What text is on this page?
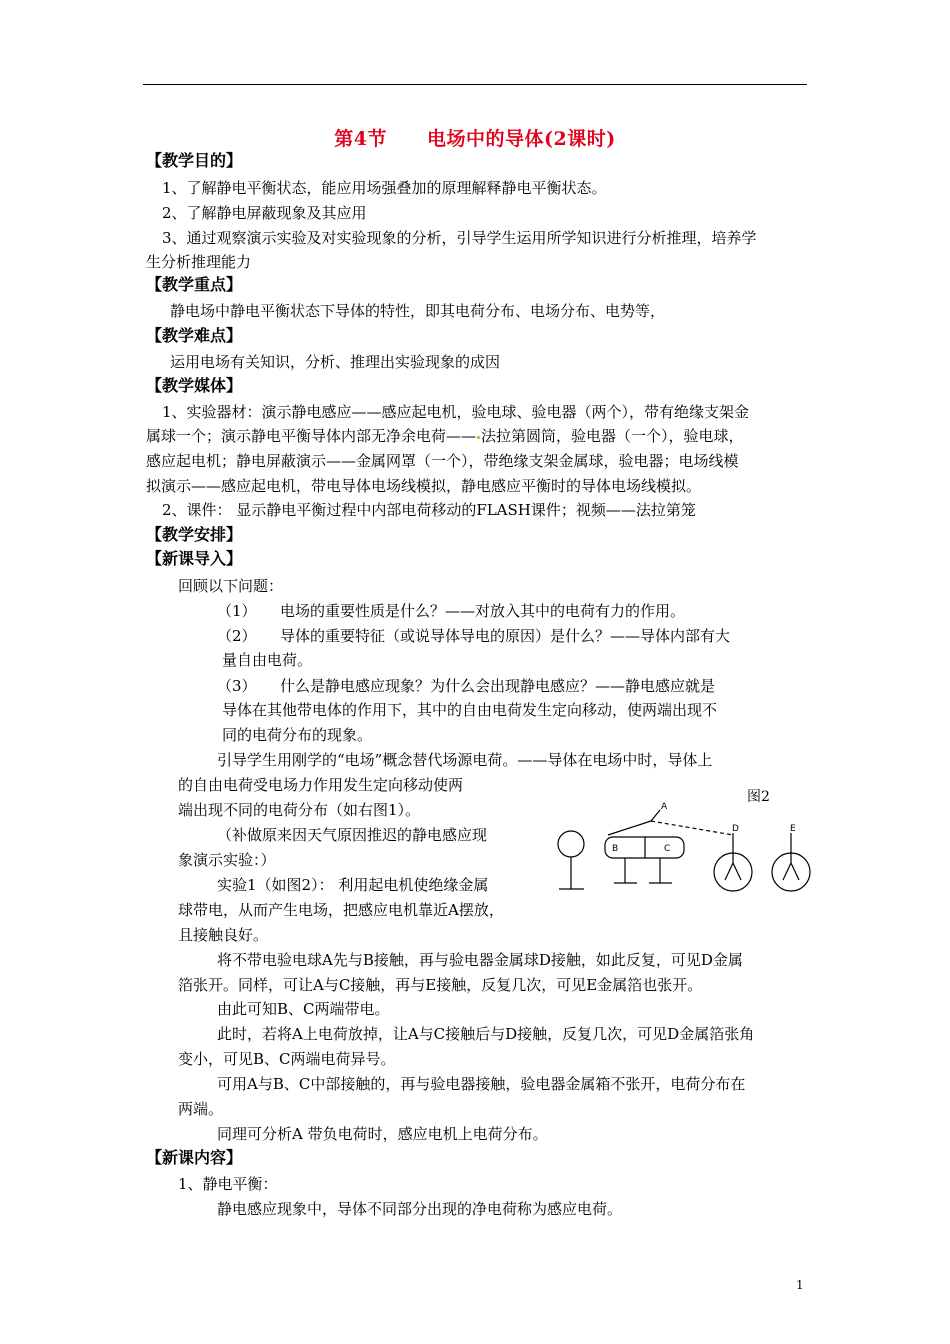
第4节 电场中的导体(2课时)
【教学目的】
1、了解静电平衡状态，能应用场强叠加的原理解释静电平衡状态。
2、了解静电屏蔽现象及其应用
3、通过观察演示实验及对实验现象的分析，引导学生运用所学知识进行分析推理，培养学
生分析推理能力
【教学重点】
静电场中静电平衡状态下导体的特性，即其电荷分布、电场分布、电势等，
【教学难点】
运用电场有关知识，分析、推理出实验现象的成因
【教学媒体】
1、实验器材：演示静电感应——感应起电机，验电球、验电器（两个），带有绝缘支架金
属球一个；演示静电平衡导体内部无净余电荷—— 法拉第圆筒，验电器（一个），验电球，
感应起电机；静电屏蔽演示——金属网罩（一个），带绝缘支架金属球，验电器；电场线模
拟演示——感应起电机，带电导体电场线模拟，静电感应平衡时的导体电场线模拟。
2、课件： 显示静电平衡过程中内部电荷移动的FLASH课件；视频——法拉第笼
【教学安排】
【新课导入】
回顾以下问题：
（1） 电场的重要性质是什么？——对放入其中的电荷有力的作用。
（2） 导体的重要特征（或说导体导电的原因）是什么？——导体内部有大
量自由电荷。
（3） 什么是静电感应现象？为什么会出现静电感应？——静电感应就是
导体在其他带电体的作用下，其中的自由电荷发生定向移动，使两端出现不
同的电荷分布的现象。
引导学生用刚学的“电场”概念替代场源电荷。——导体在电场中时，导体上
的自由电荷受电场力作用发生定向移动使两
端出现不同的电荷分布（如右图1）。
（补做原来因天气原因推迟的静电感应现
象演示实验：）
实验1（如图2）： 利用起电机使绝缘金属
球带电，从而产生电场，把感应电机靠近A摆放，
且接触良好。
将不带电验电球A先与B接触，再与验电器金属球D接触，如此反复，可见D金属
箔张开。同样，可让A与C接触，再与E接触，反复几次，可见E金属箔也张开。
由此可知B、C两端带电。
此时，若将A上电荷放掉，让A与C接触后与D接触，反复几次，可见D金属箔张角
变小，可见B、C两端电荷异号。
可用A与B、C中部接触的，再与验电器接触，验电器金属箱不张开，电荷分布在
两端。
同理可分析A 带负电荷时，感应电机上电荷分布。
【新课内容】
1、静电平衡：
静电感应现象中，导体不同部分出现的净电荷称为感应电荷。
图2
A
B	C
D	E
1
